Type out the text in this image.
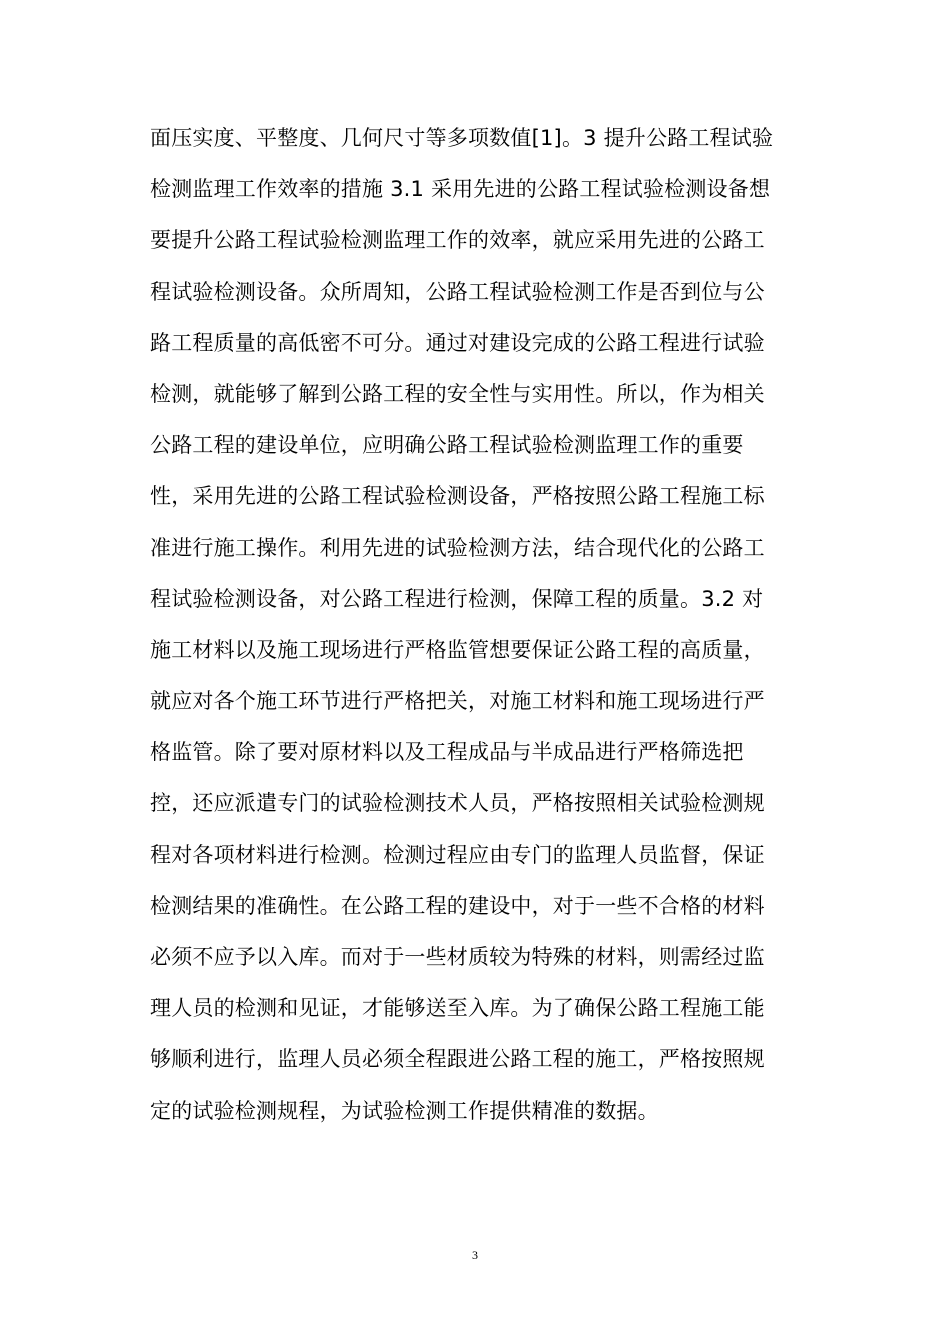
面压实度、平整度、几何尺寸等多项数值[1]。3 提升公路工程试验
检测监理工作效率的措施 3.1 采用先进的公路工程试验检测设备想
要提升公路工程试验检测监理工作的效率，就应采用先进的公路工
程试验检测设备。众所周知，公路工程试验检测工作是否到位与公
路工程质量的高低密不可分。通过对建设完成的公路工程进行试验
检测，就能够了解到公路工程的安全性与实用性。所以，作为相关
公路工程的建设单位，应明确公路工程试验检测监理工作的重要
性，采用先进的公路工程试验检测设备，严格按照公路工程施工标
准进行施工操作。利用先进的试验检测方法，结合现代化的公路工
程试验检测设备，对公路工程进行检测，保障工程的质量。3.2 对
施工材料以及施工现场进行严格监管想要保证公路工程的高质量，
就应对各个施工环节进行严格把关，对施工材料和施工现场进行严
格监管。除了要对原材料以及工程成品与半成品进行严格筛选把
控，还应派遣专门的试验检测技术人员，严格按照相关试验检测规
程对各项材料进行检测。检测过程应由专门的监理人员监督，保证
检测结果的准确性。在公路工程的建设中，对于一些不合格的材料
必须不应予以入库。而对于一些材质较为特殊的材料，则需经过监
理人员的检测和见证，才能够送至入库。为了确保公路工程施工能
够顺利进行，监理人员必须全程跟进公路工程的施工，严格按照规
定的试验检测规程，为试验检测工作提供精准的数据。
3
